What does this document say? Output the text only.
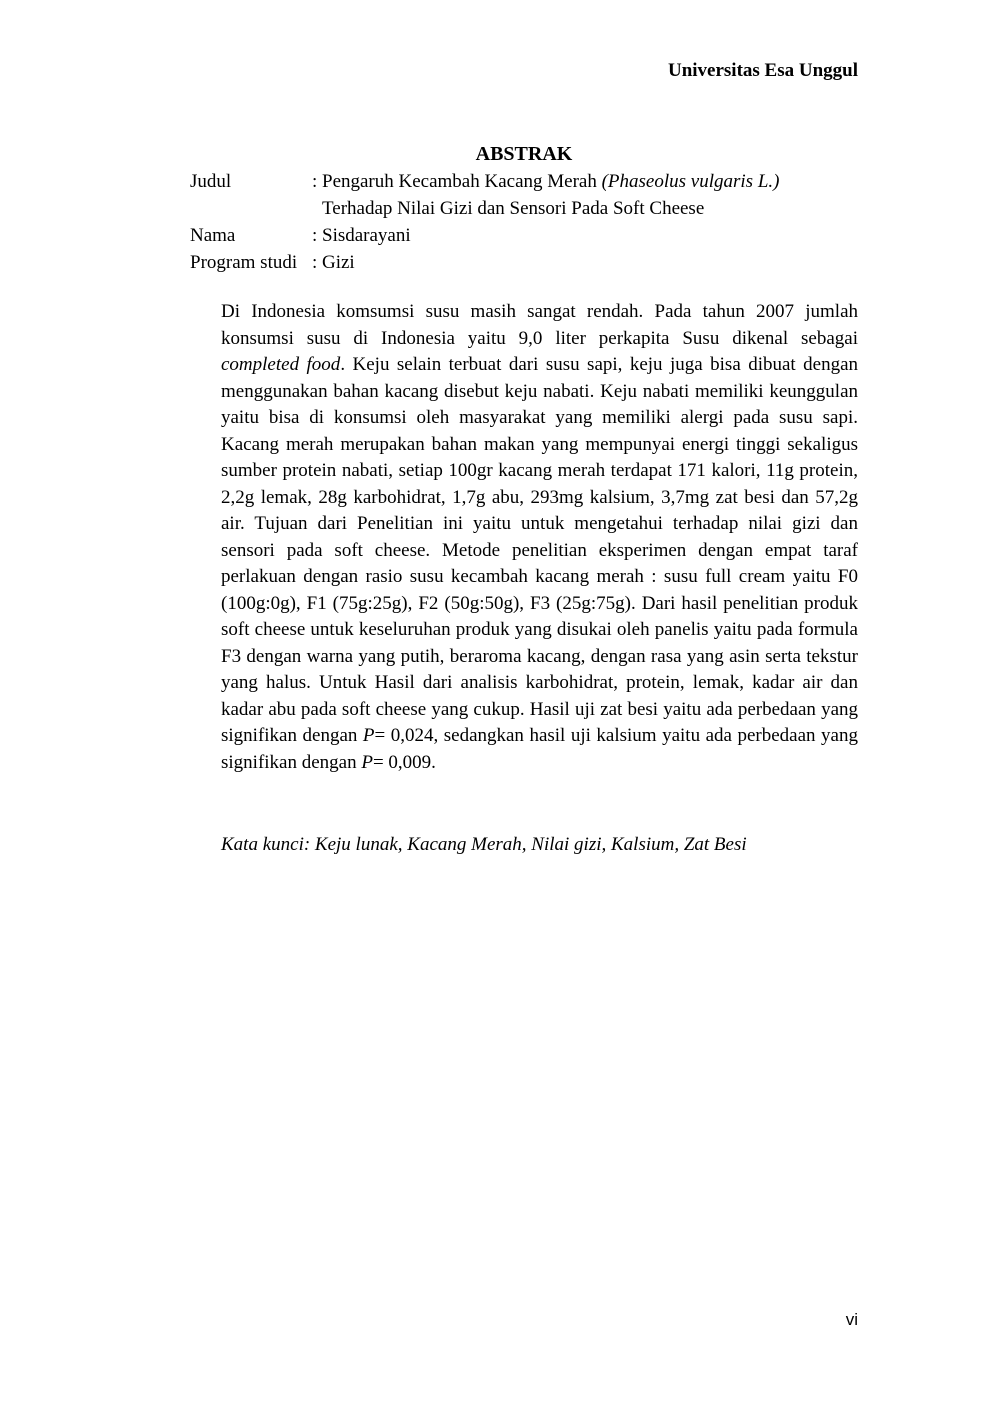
Universitas Esa Unggul
ABSTRAK
Judul	: Pengaruh Kecambah Kacang Merah (Phaseolus vulgaris L.)
Terhadap Nilai Gizi dan Sensori Pada Soft Cheese
Nama	: Sisdarayani
Program studi : Gizi

Di Indonesia komsumsi susu masih sangat rendah. Pada tahun 2007 jumlah konsumsi susu di Indonesia yaitu 9,0 liter perkapita Susu dikenal sebagai completed food. Keju selain terbuat dari susu sapi, keju juga bisa dibuat dengan menggunakan bahan kacang disebut keju nabati. Keju nabati memiliki keunggulan yaitu bisa di konsumsi oleh masyarakat yang memiliki alergi pada susu sapi. Kacang merah merupakan bahan makan yang mempunyai energi tinggi sekaligus sumber protein nabati, setiap 100gr kacang merah terdapat 171 kalori, 11g protein, 2,2g lemak, 28g karbohidrat, 1,7g abu, 293mg kalsium, 3,7mg zat besi dan 57,2g air. Tujuan dari Penelitian ini yaitu untuk mengetahui terhadap nilai gizi dan sensori pada soft cheese. Metode penelitian eksperimen dengan empat taraf perlakuan dengan rasio susu kecambah kacang merah : susu full cream yaitu F0 (100g:0g), F1 (75g:25g), F2 (50g:50g), F3 (25g:75g). Dari hasil penelitian produk soft cheese untuk keseluruhan produk yang disukai oleh panelis yaitu pada formula F3 dengan warna yang putih, beraroma kacang, dengan rasa yang asin serta tekstur yang halus. Untuk Hasil dari analisis karbohidrat, protein, lemak, kadar air dan kadar abu pada soft cheese yang cukup. Hasil uji zat besi yaitu ada perbedaan yang signifikan dengan P= 0,024, sedangkan hasil uji kalsium yaitu ada perbedaan yang signifikan dengan P= 0,009.

Kata kunci: Keju lunak, Kacang Merah, Nilai gizi, Kalsium, Zat Besi

vi
